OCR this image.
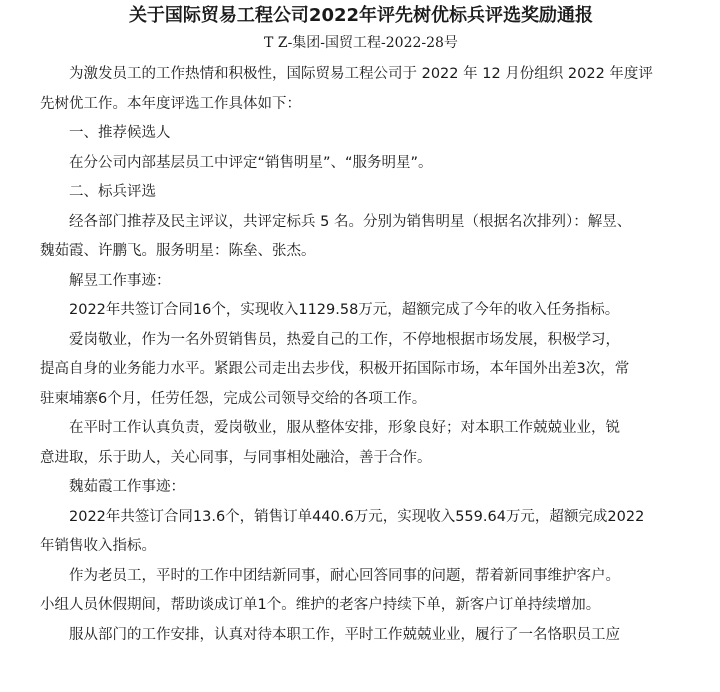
关于国际贸易工程公司2022年评先树优标兵评选奖励通报
T Z-集团-国贸工程-2022-28号
为激发员工的工作热情和积极性，国际贸易工程公司于 2022 年 12 月份组织 2022 年度评
先树优工作。本年度评选工作具体如下：
一、推荐候选人
在分公司内部基层员工中评定“销售明星”、“服务明星”。
二、标兵评选
经各部门推荐及民主评议，共评定标兵 5 名。分别为销售明星（根据名次排列）：解昱、
魏茹霞、许鹏飞。服务明星：陈垒、张杰。
解昱工作事迹：
2022年共签订合同16个，实现收入1129.58万元，超额完成了今年的收入任务指标。
爱岗敬业，作为一名外贸销售员，热爱自己的工作，不停地根据市场发展，积极学习，
提高自身的业务能力水平。紧跟公司走出去步伐，积极开拓国际市场，本年国外出差3次，常
驻柬埔寨6个月，任劳任怨，完成公司领导交给的各项工作。
在平时工作认真负责，爱岗敬业，服从整体安排，形象良好；对本职工作兢兢业业，锐
意进取，乐于助人，关心同事，与同事相处融洽，善于合作。
魏茹霞工作事迹：
2022年共签订合同13.6个，销售订单440.6万元，实现收入559.64万元，超额完成2022
年销售收入指标。
作为老员工，平时的工作中团结新同事，耐心回答同事的问题，帮着新同事维护客户。
小组人员休假期间，帮助谈成订单1个。维护的老客户持续下单，新客户订单持续增加。
服从部门的工作安排，认真对待本职工作，平时工作兢兢业业，履行了一名恪职员工应
